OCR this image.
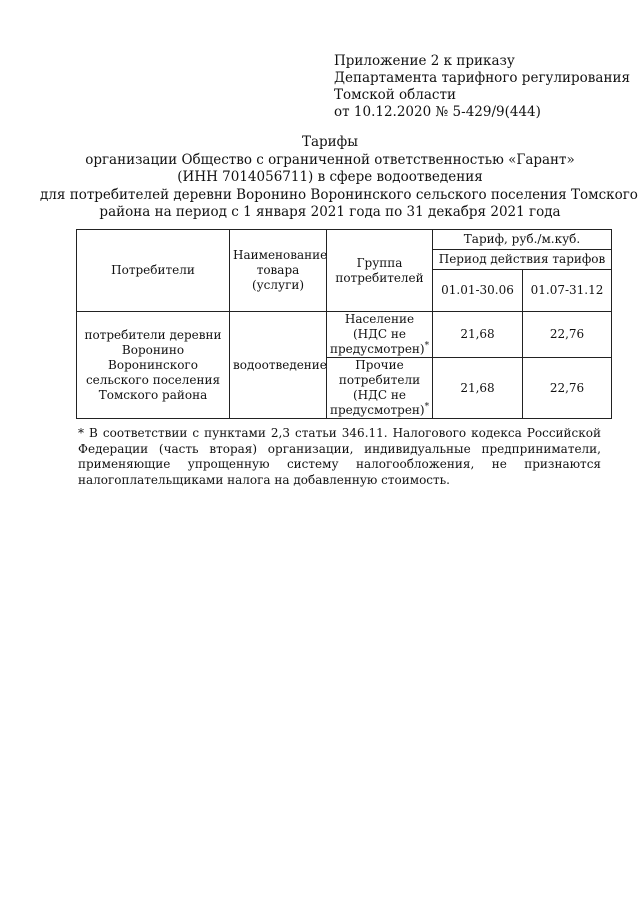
Приложение 2 к приказу
Департамента тарифного регулирования
Томской области
от 10.12.2020 № 5-429/9(444)
Тарифы
организации Общество с ограниченной ответственностью «Гарант»
(ИНН 7014056711) в сфере водоотведения
для потребителей деревни Воронино Воронинского сельского поселения Томского
района на период с 1 января 2021 года по 31 декабря 2021 года
Потребители	Наименование товара (услуги)	Группа потребителей	Тариф, руб./м.куб.	
			Период действия тарифов	
			01.01-30.06	01.07-31.12
потребители деревни Воронино Воронинского сельского поселения Томского района	водоотведение	Население (НДС не предусмотрен)*	21,68	22,76
		Прочие потребители (НДС не предусмотрен)*	21,68	22,76
* В соответствии с пунктами 2,3 статьи 346.11. Налогового кодекса Российской Федерации (часть вторая) организации, индивидуальные предприниматели, применяющие упрощенную систему налогообложения, не признаются налогоплательщиками налога на добавленную стоимость.
